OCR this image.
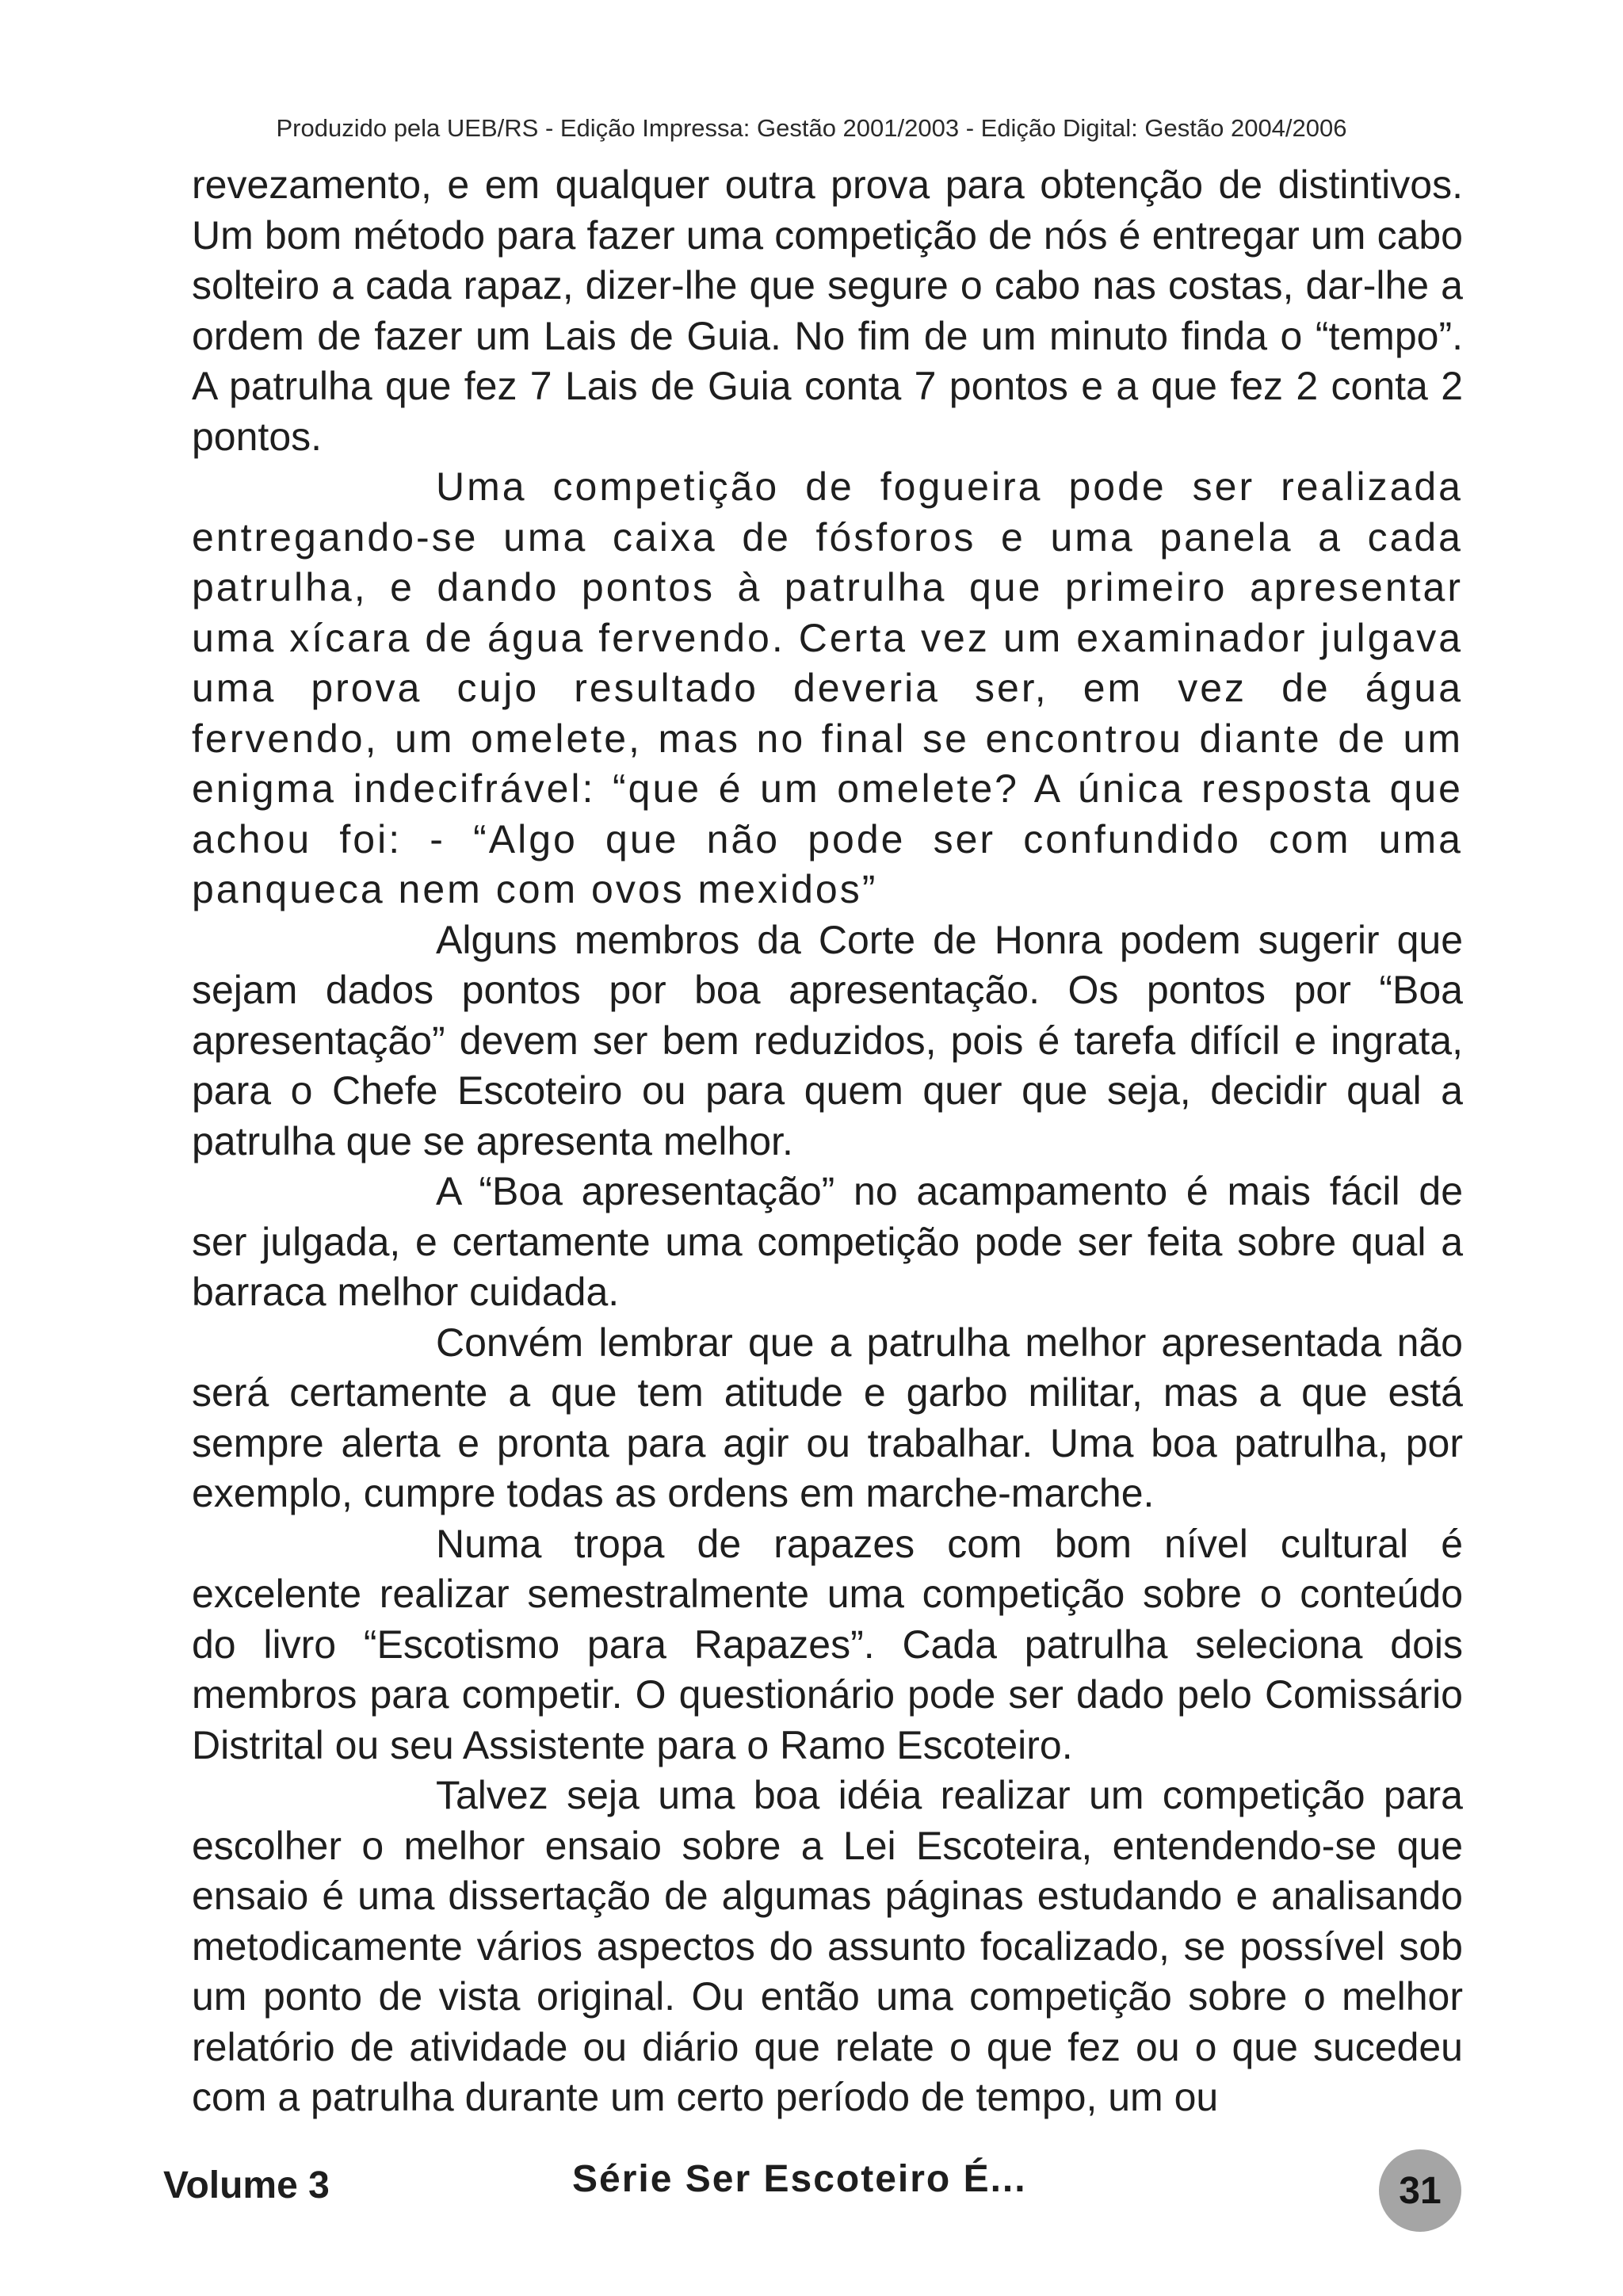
Produzido pela UEB/RS - Edição Impressa: Gestão 2001/2003 - Edição Digital: Gestão 2004/2006

revezamento, e em qualquer outra prova para obtenção de distintivos. Um bom método para fazer uma competição de nós é entregar um cabo solteiro a cada rapaz, dizer-lhe que segure o cabo nas costas, dar-lhe a ordem de fazer um Lais de Guia. No fim de um minuto finda o “tempo”. A patrulha que fez 7 Lais de Guia conta 7 pontos e a que fez 2 conta 2 pontos.

Uma competição de fogueira pode ser realizada entregando-se uma caixa de fósforos e uma panela a cada patrulha, e dando pontos à patrulha que primeiro apresentar uma xícara de água fervendo. Certa vez um examinador julgava uma prova cujo resultado deveria ser, em vez de água fervendo, um omelete, mas no final se encontrou diante de um enigma indecifrável: “que é um omelete? A única resposta que achou foi: - “Algo que não pode ser confundido com uma panqueca nem com ovos mexidos”

Alguns membros da Corte de Honra podem sugerir que sejam dados pontos por boa apresentação. Os pontos por “Boa apresentação” devem ser bem reduzidos, pois é tarefa difícil e ingrata, para o Chefe Escoteiro ou para quem quer que seja, decidir qual a patrulha que se apresenta melhor.

A “Boa apresentação” no acampamento é mais fácil de ser julgada, e certamente uma competição pode ser feita sobre qual a barraca melhor cuidada.

Convém lembrar que a patrulha melhor apresentada não será certamente a que tem atitude e garbo militar, mas a que está sempre alerta e pronta para agir ou trabalhar. Uma boa patrulha, por exemplo, cumpre todas as ordens em marche-marche.

Numa tropa de rapazes com bom nível cultural é excelente realizar semestralmente uma competição sobre o conteúdo do livro “Escotismo para Rapazes”. Cada patrulha seleciona dois membros para competir. O questionário pode ser dado pelo Comissário Distrital ou seu Assistente para o Ramo Escoteiro.

Talvez seja uma boa idéia realizar um competição para escolher o melhor ensaio sobre a Lei Escoteira, entendendo-se que ensaio é uma dissertação de algumas páginas estudando e analisando metodicamente vários aspectos do assunto focalizado, se possível sob um ponto de vista original. Ou então uma competição sobre o melhor relatório de atividade ou diário que relate o que fez ou o que sucedeu com a patrulha durante um certo período de tempo, um ou

Volume 3	Série Ser Escoteiro É...	31
